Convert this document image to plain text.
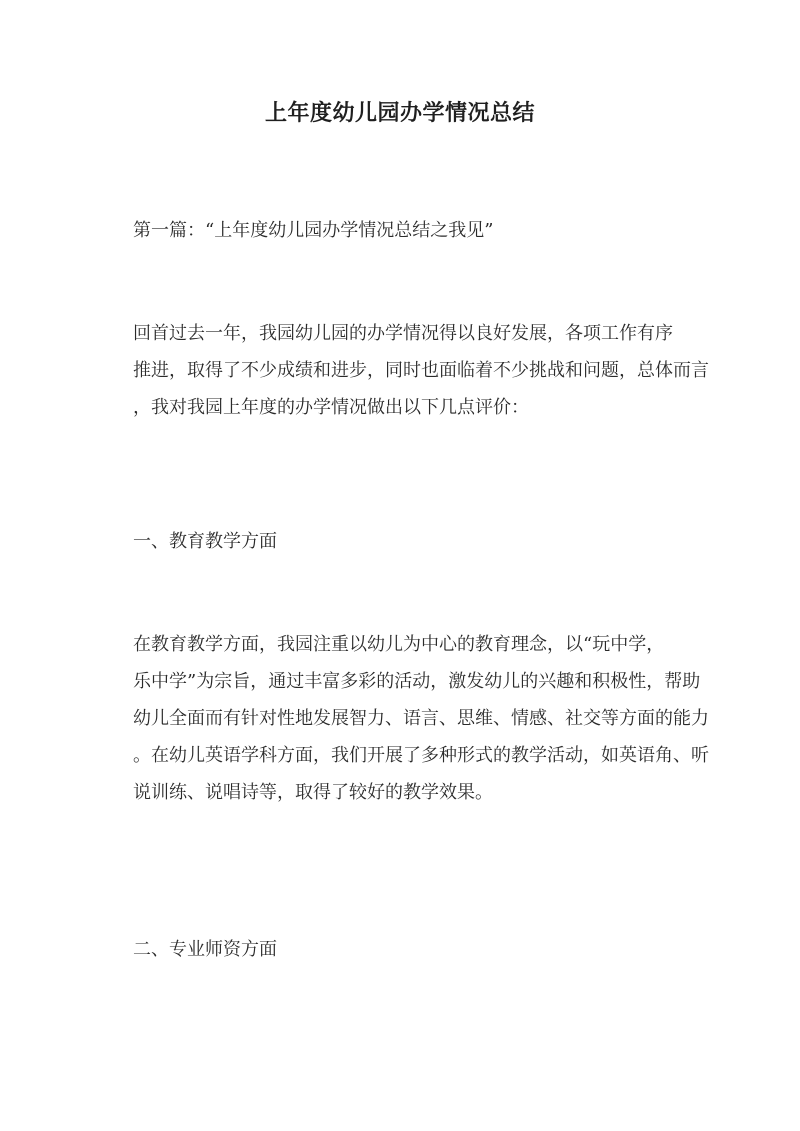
上年度幼儿园办学情况总结
第一篇：“上年度幼儿园办学情况总结之我见”
回首过去一年，我园幼儿园的办学情况得以良好发展，各项工作有序
推进，取得了不少成绩和进步，同时也面临着不少挑战和问题，总体而言
，我对我园上年度的办学情况做出以下几点评价：
一、教育教学方面
在教育教学方面，我园注重以幼儿为中心的教育理念，以“玩中学，
乐中学”为宗旨，通过丰富多彩的活动，激发幼儿的兴趣和积极性，帮助
幼儿全面而有针对性地发展智力、语言、思维、情感、社交等方面的能力
。在幼儿英语学科方面，我们开展了多种形式的教学活动，如英语角、听
说训练、说唱诗等，取得了较好的教学效果。
二、专业师资方面
